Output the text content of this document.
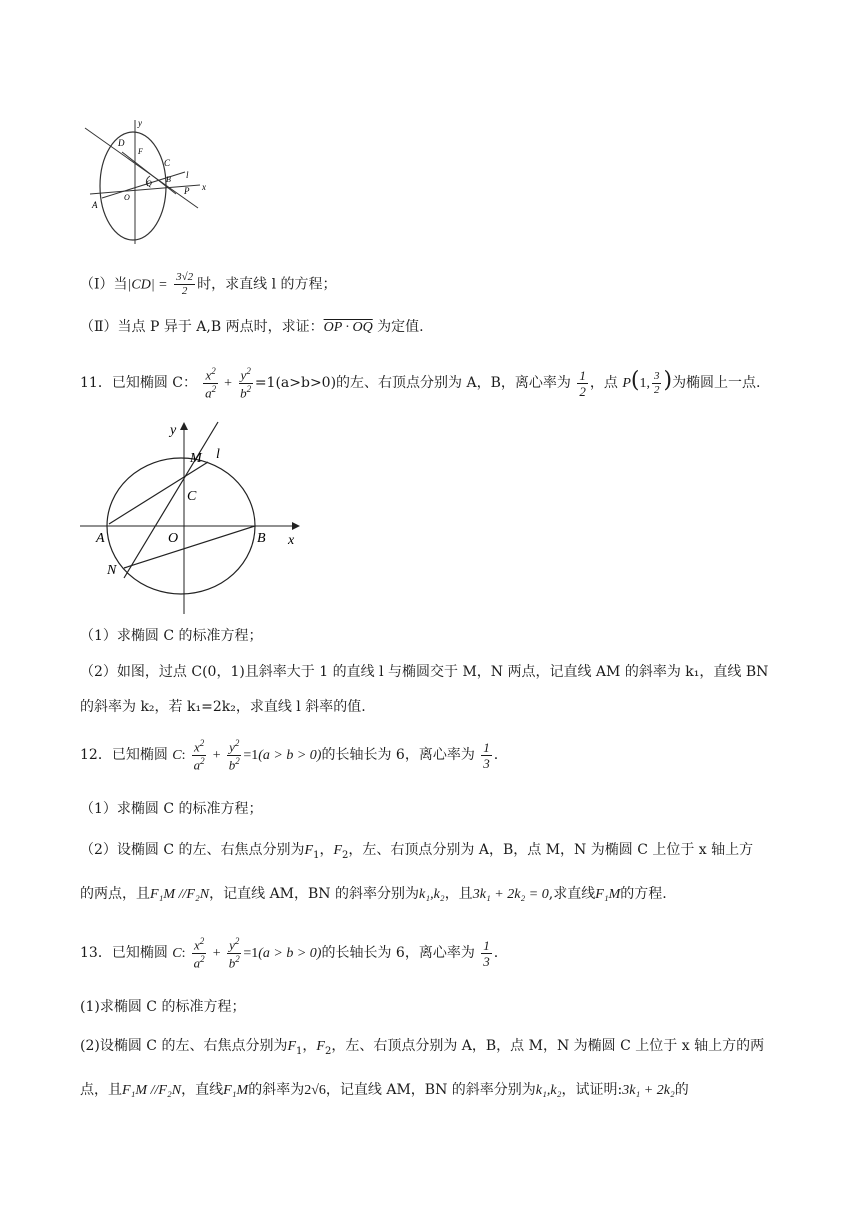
y
x
D
F
C
B l
P
O
A
Q
（Ⅰ）当$|CD| = \frac{3√2}{2}$ 时，求直线 l 的方程；
（Ⅱ）当点 P 异于 A,B 两点时，求证：OP · OQ 为定值.
11．已知椭圆 C： $\frac{x^2}{a^2} + \frac{y^2}{b^2} =1(a>b>0)$的左、右顶点分别为 A，B，离心率为 $\frac{1}{2}$ ，点 P(1, $\frac{3}{2}$ )为椭圆上一点.
y
x
M l
C
A	O	B
N
（1）求椭圆 C 的标准方程；
（2）如图，过点 C(0，1)且斜率大于 1 的直线 l 与椭圆交于 M，N 两点，记直线 AM 的斜率为 k₁，直线 BN
的斜率为 k₂，若 k₁=2k₂，求直线 l 斜率的值.
12．已知椭圆 C: $\frac{x^2}{a^2} + \frac{y^2}{b^2} =1(a > b > 0)$的长轴长为 6，离心率为 $\frac{1}{3}$ .
（1）求椭圆 C 的标准方程；
（2）设椭圆 C 的左、右焦点分别为$F_1$，$F_2$，左、右顶点分别为 A，B，点 M，N 为椭圆 C 上位于 x 轴上方
的两点，且F₁M //F₂N，记直线 AM，BN 的斜率分别为k₁,k₂，且3k₁ + 2k₂ = 0,求直线F₁M的方程.
13．已知椭圆 C: $\frac{x^2}{a^2} + \frac{y^2}{b^2} =1(a > b > 0)$的长轴长为 6，离心率为 $\frac{1}{3}$ .
(1)求椭圆 C 的标准方程；
(2)设椭圆 C 的左、右焦点分别为$F_1$，$F_2$，左、右顶点分别为 A，B，点 M，N 为椭圆 C 上位于 x 轴上方的两
点，且F₁M //F₂N，直线F₁M的斜率为2√6，记直线 AM，BN 的斜率分别为k₁,k₂，试证明:3k₁ + 2k₂的
